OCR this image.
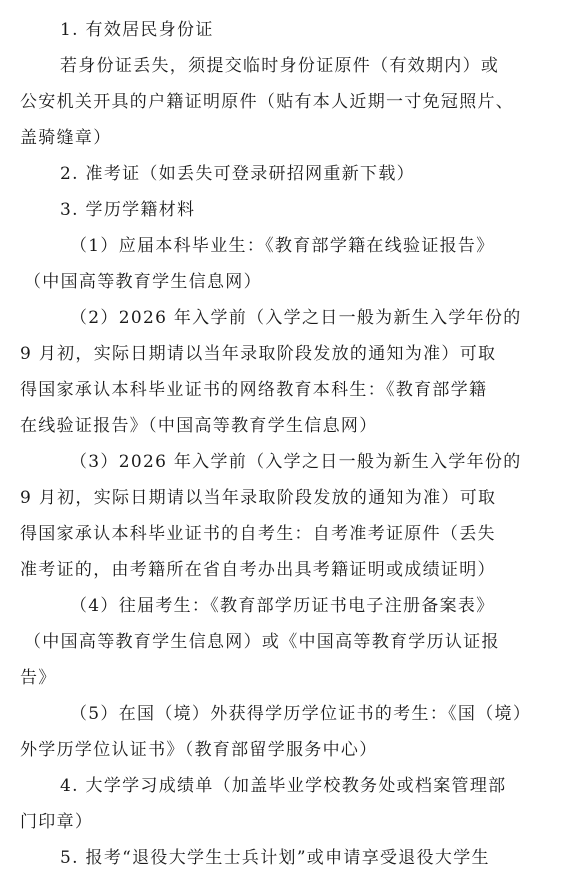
1. 有效居民身份证
若身份证丢失，须提交临时身份证原件（有效期内）或
公安机关开具的户籍证明原件（贴有本人近期一寸免冠照片、
盖骑缝章）
2. 准考证（如丢失可登录研招网重新下载）
3. 学历学籍材料
（1）应届本科毕业生：《教育部学籍在线验证报告》
（中国高等教育学生信息网）
（2）2026 年入学前（入学之日一般为新生入学年份的
9 月初，实际日期请以当年录取阶段发放的通知为准）可取
得国家承认本科毕业证书的网络教育本科生：《教育部学籍
在线验证报告》（中国高等教育学生信息网）
（3）2026 年入学前（入学之日一般为新生入学年份的
9 月初，实际日期请以当年录取阶段发放的通知为准）可取
得国家承认本科毕业证书的自考生：自考准考证原件（丢失
准考证的，由考籍所在省自考办出具考籍证明或成绩证明）
（4）往届考生：《教育部学历证书电子注册备案表》
（中国高等教育学生信息网）或《中国高等教育学历认证报
告》
（5）在国（境）外获得学历学位证书的考生：《国（境）
外学历学位认证书》（教育部留学服务中心）
4. 大学学习成绩单（加盖毕业学校教务处或档案管理部
门印章）
5. 报考“退役大学生士兵计划”或申请享受退役大学生
